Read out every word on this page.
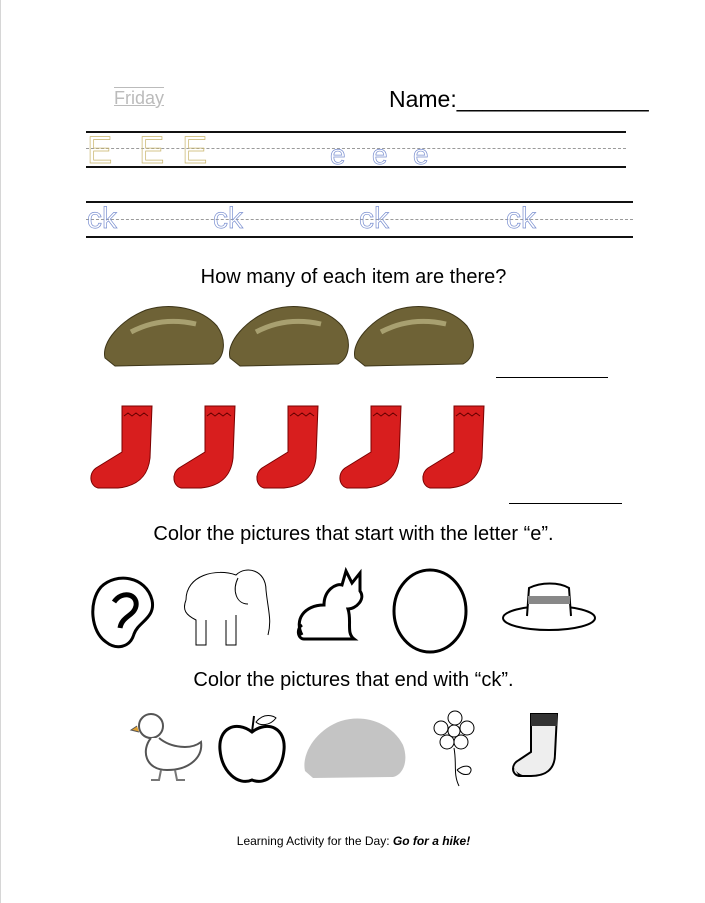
Friday	Name:_______________
E E E	e e e
ck	ck	ck	ck
How many of each item are there?
Color the pictures that start with the letter “e”.
Color the pictures that end with “ck”.
Learning Activity for the Day: Go for a hike!
